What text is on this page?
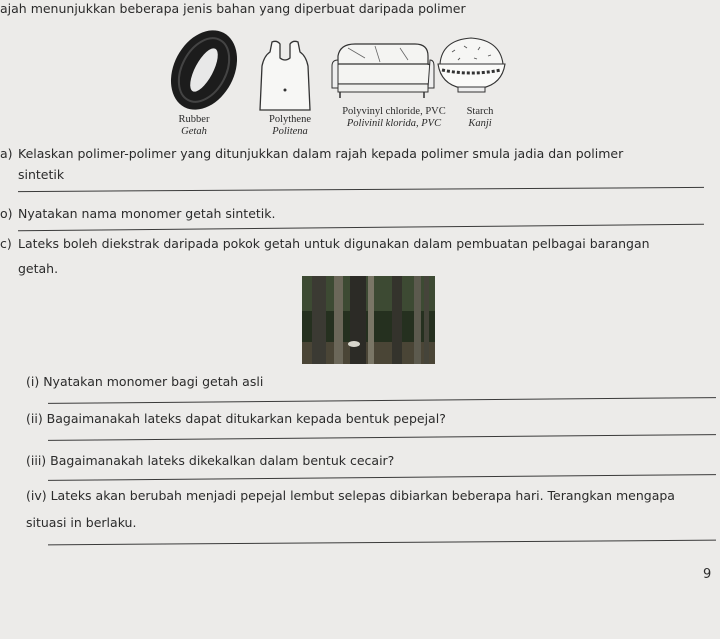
ajah menunjukkan beberapa jenis bahan yang diperbuat daripada polimer
Rubber
Getah
Polythene
Politena
Polyvinyl chloride, PVC
Polivinil klorida, PVC
Starch
Kanji
a) Kelaskan polimer-polimer yang ditunjukkan dalam rajah kepada polimer smula jadia dan polimer
sintetik
o) Nyatakan nama monomer getah sintetik.
c) Lateks boleh diekstrak daripada pokok getah untuk digunakan dalam pembuatan pelbagai barangan
getah.
(i) Nyatakan monomer bagi getah asli
(ii) Bagaimanakah lateks dapat ditukarkan kepada bentuk pepejal?
(iii) Bagaimanakah lateks dikekalkan dalam bentuk cecair?
(iv) Lateks akan berubah menjadi pepejal lembut selepas dibiarkan beberapa hari. Terangkan mengapa
situasi in berlaku.
9
